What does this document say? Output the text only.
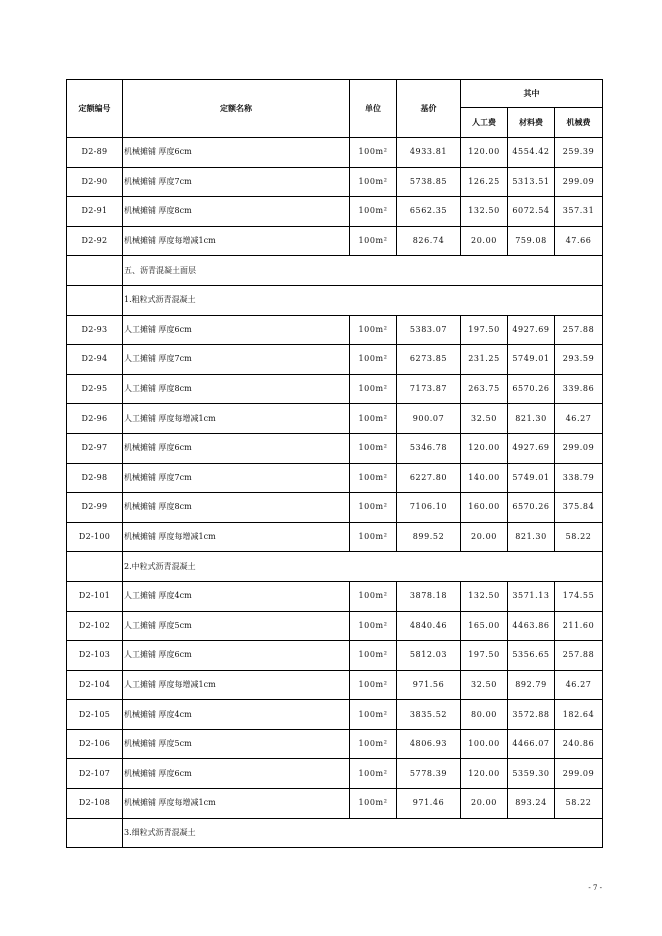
定额编号	定额名称	单位	基价	其中		
				人工费	材料费	机械费
D2-89	机械摊铺 厚度6cm	100m²	4933.81	120.00	4554.42	259.39
D2-90	机械摊铺 厚度7cm	100m²	5738.85	126.25	5313.51	299.09
D2-91	机械摊铺 厚度8cm	100m²	6562.35	132.50	6072.54	357.31
D2-92	机械摊铺 厚度每增减1cm	100m²	826.74	20.00	759.08	47.66
	五、沥青混凝土面层					
	1.粗粒式沥青混凝土					
D2-93	人工摊铺 厚度6cm	100m²	5383.07	197.50	4927.69	257.88
D2-94	人工摊铺 厚度7cm	100m²	6273.85	231.25	5749.01	293.59
D2-95	人工摊铺 厚度8cm	100m²	7173.87	263.75	6570.26	339.86
D2-96	人工摊铺 厚度每增减1cm	100m²	900.07	32.50	821.30	46.27
D2-97	机械摊铺 厚度6cm	100m²	5346.78	120.00	4927.69	299.09
D2-98	机械摊铺 厚度7cm	100m²	6227.80	140.00	5749.01	338.79
D2-99	机械摊铺 厚度8cm	100m²	7106.10	160.00	6570.26	375.84
D2-100	机械摊铺 厚度每增减1cm	100m²	899.52	20.00	821.30	58.22
	2.中粒式沥青混凝土					
D2-101	人工摊铺 厚度4cm	100m²	3878.18	132.50	3571.13	174.55
D2-102	人工摊铺 厚度5cm	100m²	4840.46	165.00	4463.86	211.60
D2-103	人工摊铺 厚度6cm	100m²	5812.03	197.50	5356.65	257.88
D2-104	人工摊铺 厚度每增减1cm	100m²	971.56	32.50	892.79	46.27
D2-105	机械摊铺 厚度4cm	100m²	3835.52	80.00	3572.88	182.64
D2-106	机械摊铺 厚度5cm	100m²	4806.93	100.00	4466.07	240.86
D2-107	机械摊铺 厚度6cm	100m²	5778.39	120.00	5359.30	299.09
D2-108	机械摊铺 厚度每增减1cm	100m²	971.46	20.00	893.24	58.22
	3.细粒式沥青混凝土					
- 7 -
